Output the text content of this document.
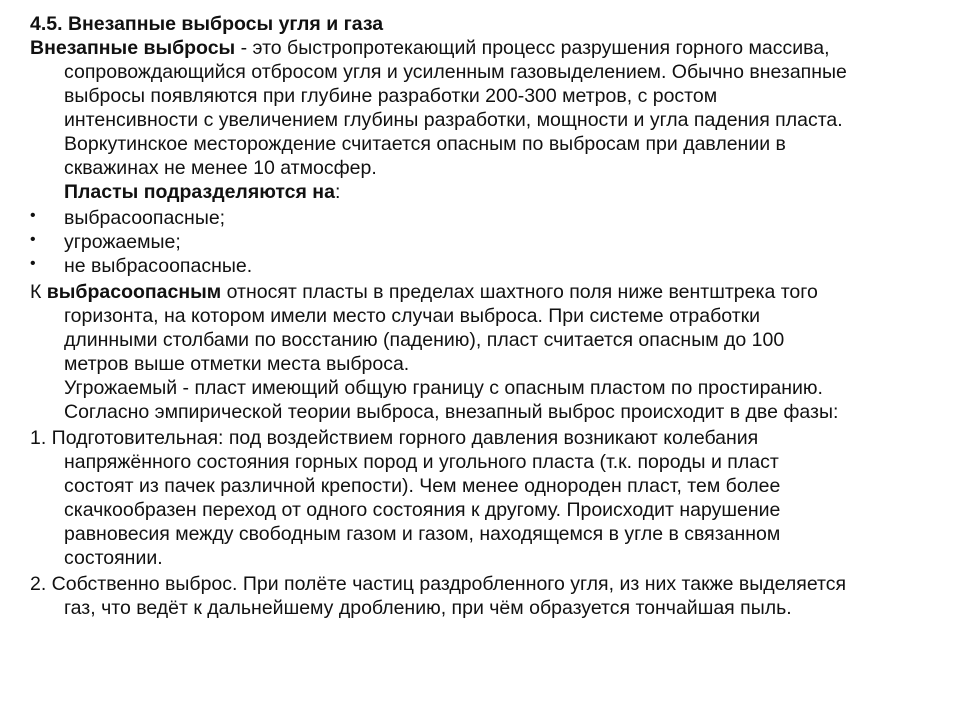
4.5. Внезапные выбросы угля и газа
Внезапные выбросы - это быстропротекающий процесс разрушения горного массива,
сопровождающийся отбросом угля и усиленным газовыделением. Обычно внезапные
выбросы появляются при глубине разработки 200-300 метров, с ростом
интенсивности с увеличением глубины разработки, мощности и угла падения пласта.
Воркутинское месторождение считается опасным по выбросам при давлении в
скважинах не менее 10 атмосфер.
Пласты подразделяются на:
• выбрасоопасные;
• угрожаемые;
• не выбрасоопасные.
К выбрасоопасным относят пласты в пределах шахтного поля ниже вентштрека того
горизонта, на котором имели место случаи выброса. При системе отработки
длинными столбами по восстанию (падению), пласт считается опасным до 100
метров выше отметки места выброса.
Угрожаемый - пласт имеющий общую границу с опасным пластом по простиранию.
Согласно эмпирической теории выброса, внезапный выброс происходит в две фазы:
1. Подготовительная: под воздействием горного давления возникают колебания
напряжённого состояния горных пород и угольного пласта (т.к. породы и пласт
состоят из пачек различной крепости). Чем менее однороден пласт, тем более
скачкообразен переход от одного состояния к другому. Происходит нарушение
равновесия между свободным газом и газом, находящемся в угле в связанном
состоянии.
2. Собственно выброс. При полёте частиц раздробленного угля, из них также выделяется
газ, что ведёт к дальнейшему дроблению, при чём образуется тончайшая пыль.
